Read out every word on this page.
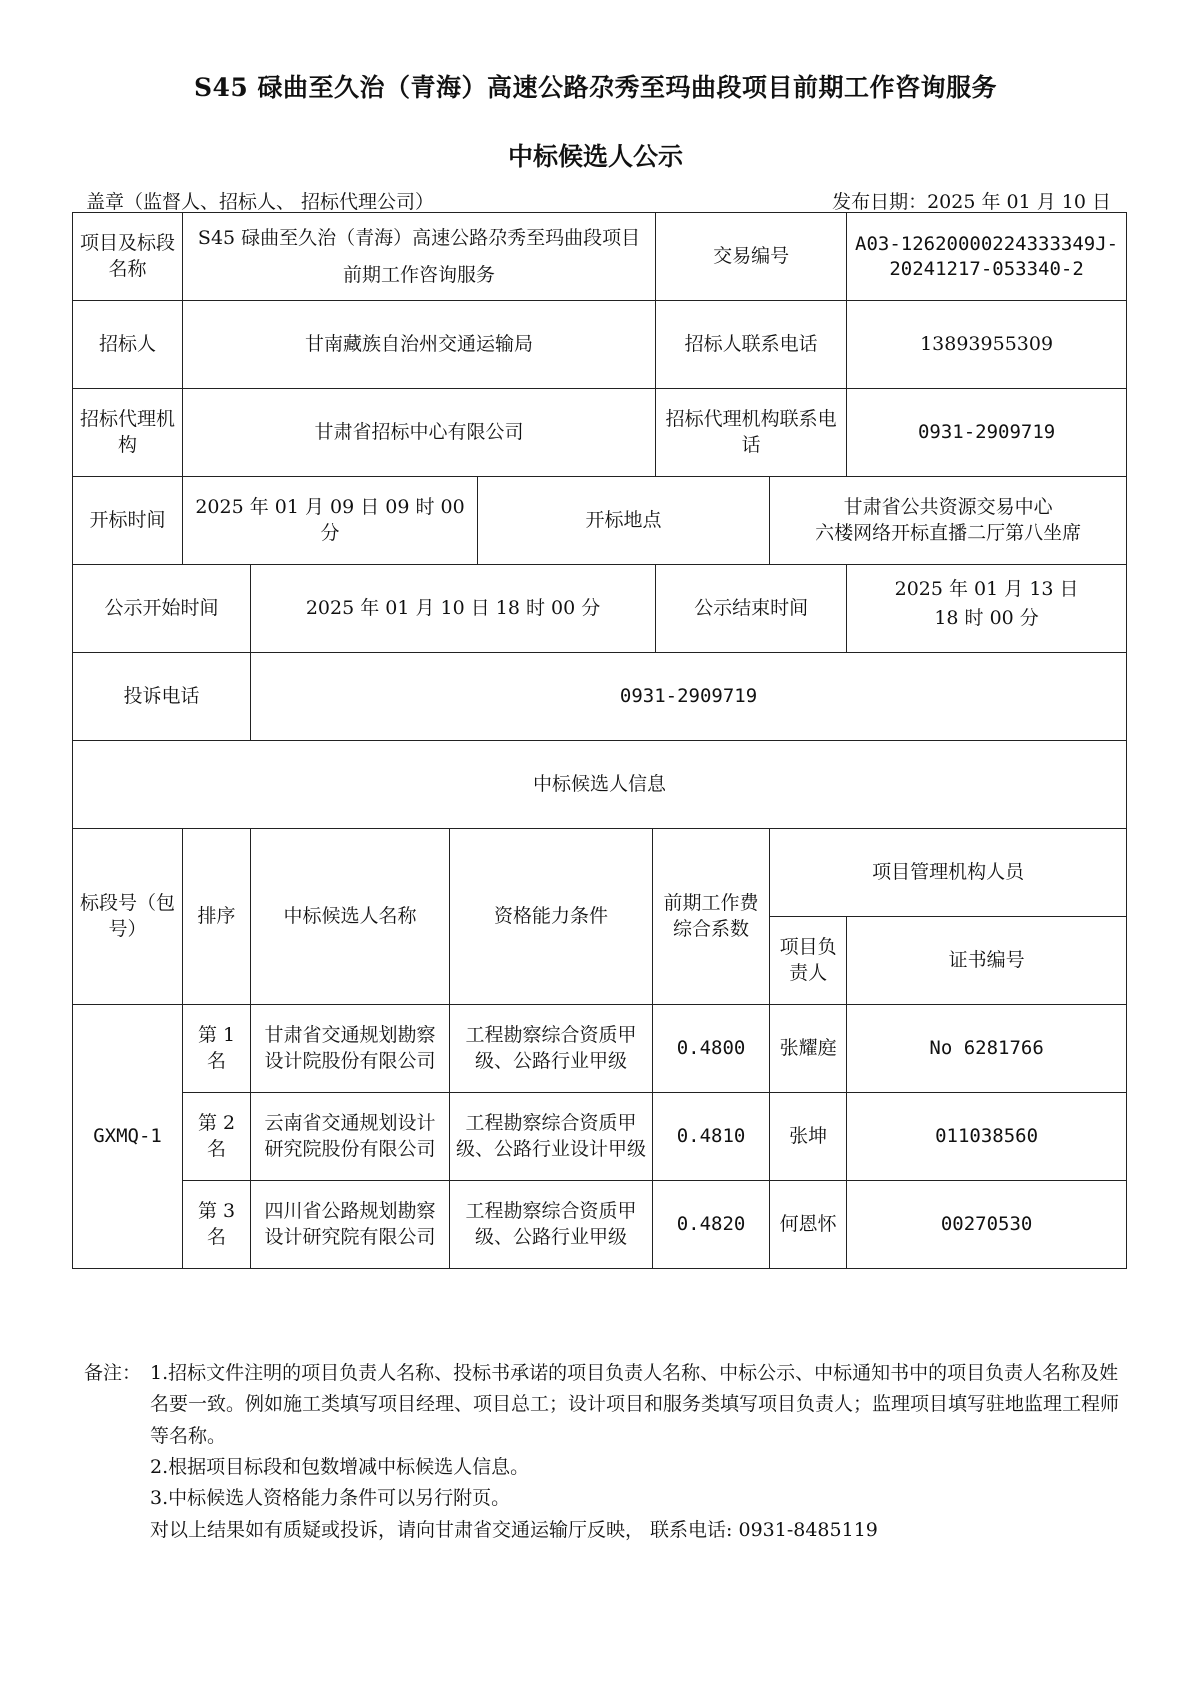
S45 碌曲至久治（青海）高速公路尕秀至玛曲段项目前期工作咨询服务
中标候选人公示
盖章（监督人、招标人、 招标代理公司）	发布日期：2025 年 01 月 10 日
项目及标段名称	S45 碌曲至久治（青海）高速公路尕秀至玛曲段项目前期工作咨询服务					交易编号		A03-12620000224333349J-20241217-053340-2
招标人	甘南藏族自治州交通运输局					招标人联系电话		13893955309
招标代理机构	甘肃省招标中心有限公司					招标代理机构联系电话		0931-2909719
开标时间	2025 年 01 月 09 日 09 时 00 分			开标地点			甘肃省公共资源交易中心
六楼网络开标直播二厅第八坐席	

公示开始时间		2025 年 01 月 10 日 18 时 00 分				公示结束时间		2025 年 01 月 13 日
18 时 00 分

投诉电话		0931-2909719						
中标候选人信息								
标段号（包号）	排序	中标候选人名称	资格能力条件		前期工作费综合系数		项目管理机构人员	
							项目负责人	证书编号
GXMQ-1	第 1 名	甘肃省交通规划勘察设计院股份有限公司	工程勘察综合资质甲级、公路行业甲级		0.4800		张耀庭	No 6281766
	第 2 名	云南省交通规划设计研究院股份有限公司	工程勘察综合资质甲级、公路行业设计甲级		0.4810		张坤	011038560
	第 3 名	四川省公路规划勘察设计研究院有限公司	工程勘察综合资质甲级、公路行业甲级		0.4820		何恩怀	00270530
备注： 1.招标文件注明的项目负责人名称、投标书承诺的项目负责人名称、中标公示、中标通知书中的项目负责人名称及姓名要一致。例如施工类填写项目经理、项目总工；设计项目和服务类填写项目负责人；监理项目填写驻地监理工程师等名称。
2.根据项目标段和包数增减中标候选人信息。
3.中标候选人资格能力条件可以另行附页。
对以上结果如有质疑或投诉，请向甘肃省交通运输厅反映， 联系电话: 0931-8485119
